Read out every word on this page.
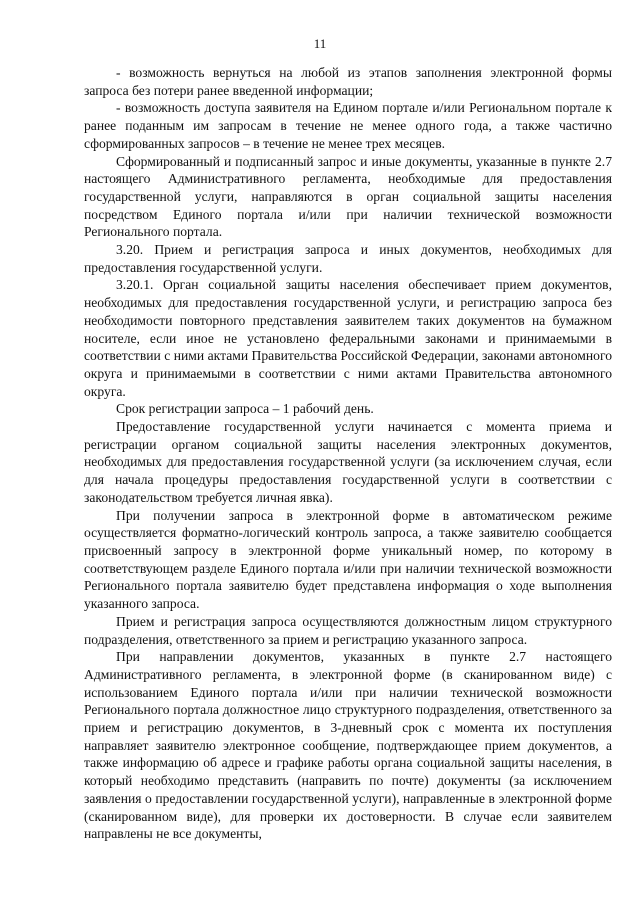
11

- возможность вернуться на любой из этапов заполнения электронной формы запроса без потери ранее введенной информации;

- возможность доступа заявителя на Едином портале и/или Региональном портале к ранее поданным им запросам в течение не менее одного года, а также частично сформированных запросов – в течение не менее трех месяцев.

Сформированный и подписанный запрос и иные документы, указанные в пункте 2.7 настоящего Административного регламента, необходимые для предоставления государственной услуги, направляются в орган социальной защиты населения посредством Единого портала и/или при наличии технической возможности Регионального портала.

3.20. Прием и регистрация запроса и иных документов, необходимых для предоставления государственной услуги.

3.20.1. Орган социальной защиты населения обеспечивает прием документов, необходимых для предоставления государственной услуги, и регистрацию запроса без необходимости повторного представления заявителем таких документов на бумажном носителе, если иное не установлено федеральными законами и принимаемыми в соответствии с ними актами Правительства Российской Федерации, законами автономного округа и принимаемыми в соответствии с ними актами Правительства автономного округа.

Срок регистрации запроса – 1 рабочий день.

Предоставление государственной услуги начинается с момента приема и регистрации органом социальной защиты населения электронных документов, необходимых для предоставления государственной услуги (за исключением случая, если для начала процедуры предоставления государственной услуги в соответствии с законодательством требуется личная явка).

При получении запроса в электронной форме в автоматическом режиме осуществляется форматно-логический контроль запроса, а также заявителю сообщается присвоенный запросу в электронной форме уникальный номер, по которому в соответствующем разделе Единого портала и/или при наличии технической возможности Регионального портала заявителю будет представлена информация о ходе выполнения указанного запроса.

Прием и регистрация запроса осуществляются должностным лицом структурного подразделения, ответственного за прием и регистрацию указанного запроса.

При направлении документов, указанных в пункте 2.7 настоящего Административного регламента, в электронной форме (в сканированном виде) с использованием Единого портала и/или при наличии технической возможности Регионального портала должностное лицо структурного подразделения, ответственного за прием и регистрацию документов, в 3-дневный срок с момента их поступления направляет заявителю электронное сообщение, подтверждающее прием документов, а также информацию об адресе и графике работы органа социальной защиты населения, в который необходимо представить (направить по почте) документы (за исключением заявления о предоставлении государственной услуги), направленные в электронной форме (сканированном виде), для проверки их достоверности. В случае если заявителем направлены не все документы,
